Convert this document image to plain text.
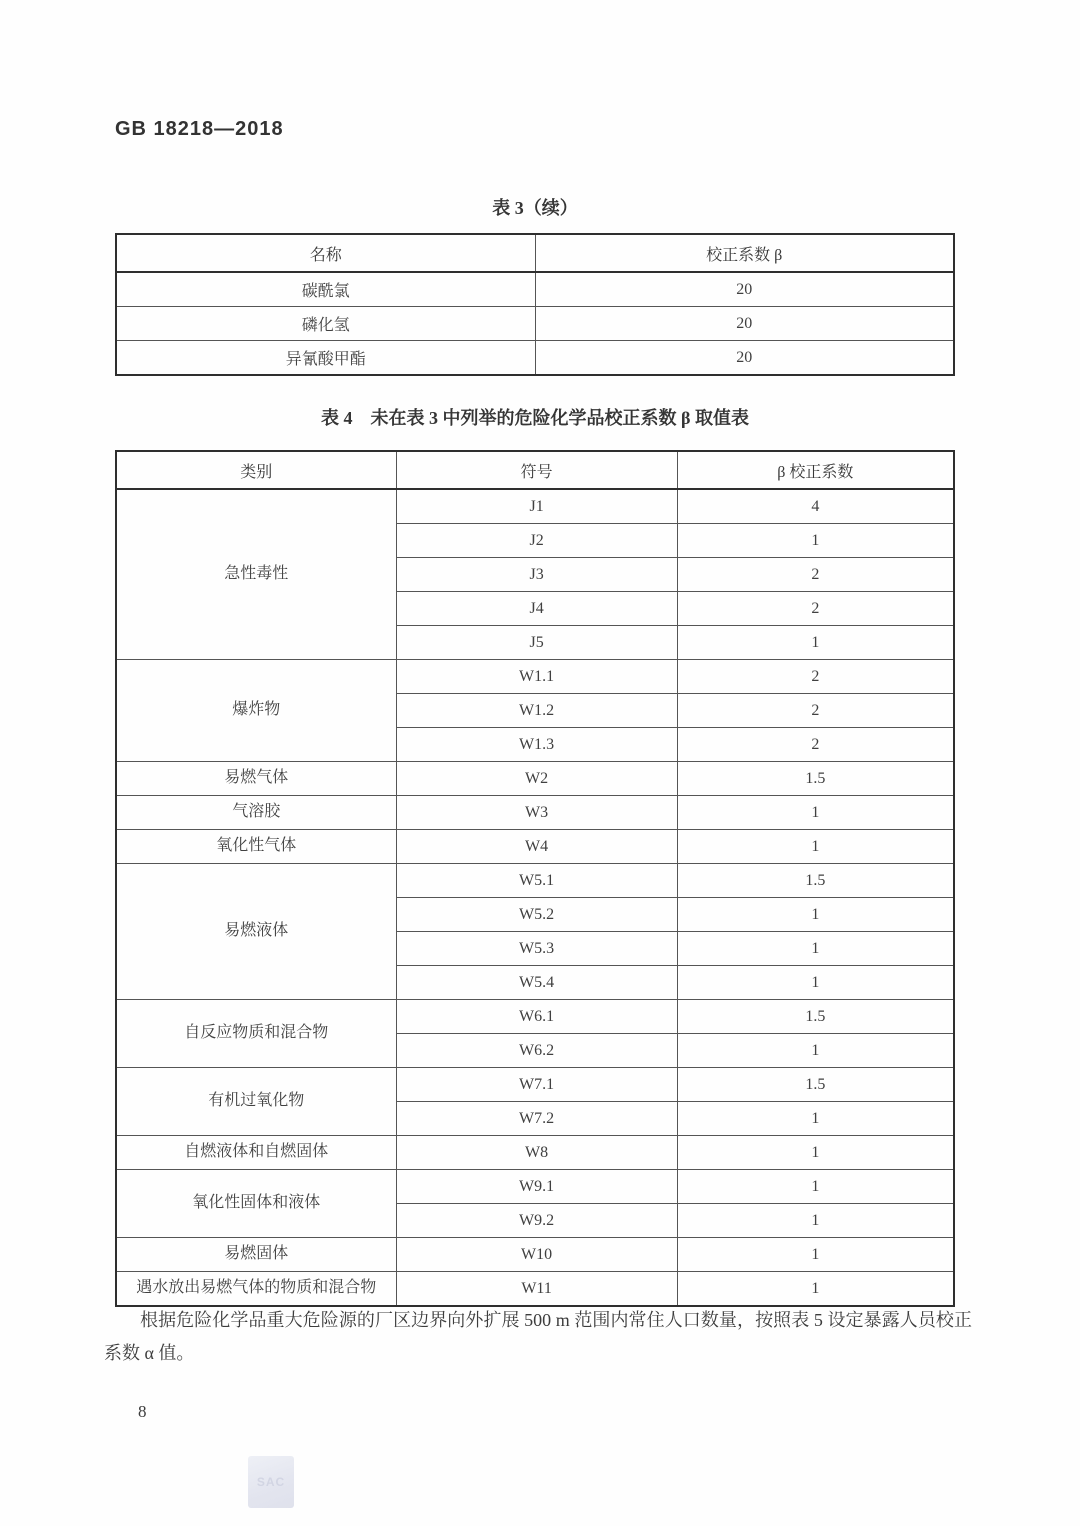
GB 18218—2018
表 3（续）
名称	校正系数 β
碳酰氯	20
磷化氢	20
异氰酸甲酯	20
表 4　未在表 3 中列举的危险化学品校正系数 β 取值表
类别	符号	β 校正系数
急性毒性	J1	4
	J2	1
	J3	2
	J4	2
	J5	1
爆炸物	W1.1	2
	W1.2	2
	W1.3	2
易燃气体	W2	1.5
气溶胶	W3	1
氧化性气体	W4	1
易燃液体	W5.1	1.5
	W5.2	1
	W5.3	1
	W5.4	1
自反应物质和混合物	W6.1	1.5
	W6.2	1
有机过氧化物	W7.1	1.5
	W7.2	1
自燃液体和自燃固体	W8	1
氧化性固体和液体	W9.1	1
	W9.2	1
易燃固体	W10	1
遇水放出易燃气体的物质和混合物	W11	1

根据危险化学品重大危险源的厂区边界向外扩展 500 m 范围内常住人口数量，按照表 5 设定暴露人员校正系数 α 值。

8
SAC
